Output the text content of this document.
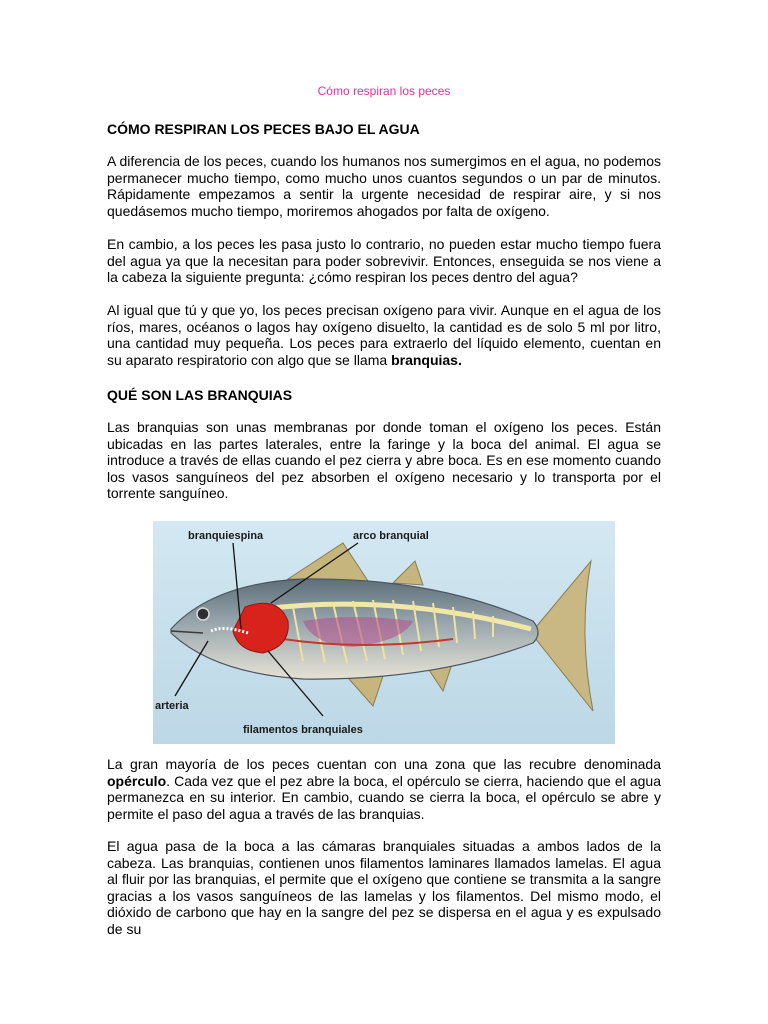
Cómo respiran los peces
CÓMO RESPIRAN LOS PECES BAJO EL AGUA

A diferencia de los peces, cuando los humanos nos sumergimos en el agua, no podemos permanecer mucho tiempo, como mucho unos cuantos segundos o un par de minutos. Rápidamente empezamos a sentir la urgente necesidad de respirar aire, y si nos quedásemos mucho tiempo, moriremos ahogados por falta de oxígeno.

En cambio, a los peces les pasa justo lo contrario, no pueden estar mucho tiempo fuera del agua ya que la necesitan para poder sobrevivir. Entonces, enseguida se nos viene a la cabeza la siguiente pregunta: ¿cómo respiran los peces dentro del agua?

Al igual que tú y que yo, los peces precisan oxígeno para vivir. Aunque en el agua de los ríos, mares, océanos o lagos hay oxígeno disuelto, la cantidad es de solo 5 ml por litro, una cantidad muy pequeña. Los peces para extraerlo del líquido elemento, cuentan en su aparato respiratorio con algo que se llama branquias.

QUÉ SON LAS BRANQUIAS

Las branquias son unas membranas por donde toman el oxígeno los peces. Están ubicadas en las partes laterales, entre la faringe y la boca del animal. El agua se introduce a través de ellas cuando el pez cierra y abre boca. Es en ese momento cuando los vasos sanguíneos del pez absorben el oxígeno necesario y lo transporta por el torrente sanguíneo.

branquiespina	arco branquial
arteria
filamentos branquiales

La gran mayoría de los peces cuentan con una zona que las recubre denominada opérculo. Cada vez que el pez abre la boca, el opérculo se cierra, haciendo que el agua permanezca en su interior. En cambio, cuando se cierra la boca, el opérculo se abre y permite el paso del agua a través de las branquias.

El agua pasa de la boca a las cámaras branquiales situadas a ambos lados de la cabeza. Las branquias, contienen unos filamentos laminares llamados lamelas. El agua al fluir por las branquias, el permite que el oxígeno que contiene se transmita a la sangre gracias a los vasos sanguíneos de las lamelas y los filamentos. Del mismo modo, el dióxido de carbono que hay en la sangre del pez se dispersa en el agua y es expulsado de su
